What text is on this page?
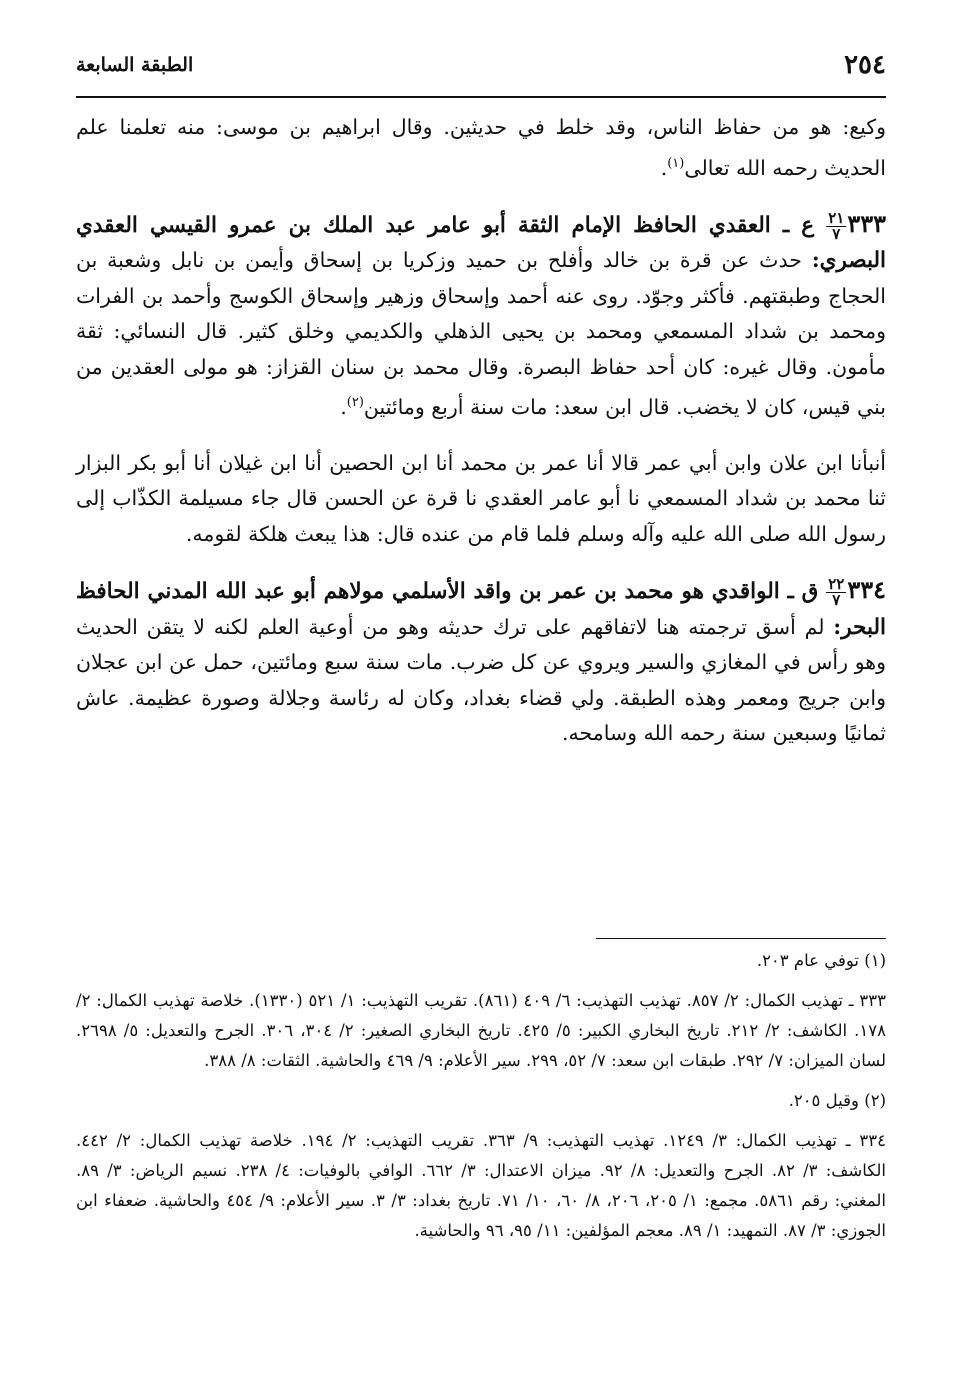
٢٥٤
الطبقة السابعة

وكيع: هو من حفاظ الناس، وقد خلط في حديثين. وقال ابراهيم بن موسى: منه تعلمنا علم الحديث رحمه الله تعالى$^{(١)}$.

٣٣٣
$\frac{٢١}{٧}$
ع ـ العقدي الحافظ الإمام الثقة أبو عامر عبد الملك بن عمرو القيسي العقدي البصري: حدث عن قرة بن خالد وأفلح بن حميد وزكريا بن إسحاق وأيمن بن نابل وشعبة بن الحجاج وطبقتهم. فأكثر وجوّد. روى عنه أحمد وإسحاق وزهير وإسحاق الكوسج وأحمد بن الفرات ومحمد بن شداد المسمعي ومحمد بن يحيى الذهلي والكديمي وخلق كثير. قال النسائي: ثقة مأمون. وقال غيره: كان أحد حفاظ البصرة. وقال محمد بن سنان القزاز: هو مولى العقدين من بني قيس، كان لا يخضب. قال ابن سعد: مات سنة أربع ومائتين$^{(٢)}$.

أنبأنا ابن علان وابن أبي عمر قالا أنا عمر بن محمد أنا ابن الحصين أنا ابن غيلان أنا أبو بكر البزار ثنا محمد بن شداد المسمعي نا أبو عامر العقدي نا قرة عن الحسن قال جاء مسيلمة الكذّاب إلى رسول الله صلى الله عليه وآله وسلم فلما قام من عنده قال: هذا يبعث هلكة لقومه.

٣٣٤
$\frac{٢٢}{٧}$
ق ـ الواقدي هو محمد بن عمر بن واقد الأسلمي مولاهم أبو عبد الله المدني الحافظ البحر: لم أسق ترجمته هنا لاتفاقهم على ترك حديثه وهو من أوعية العلم لكنه لا يتقن الحديث وهو رأس في المغازي والسير ويروي عن كل ضرب. مات سنة سبع ومائتين، حمل عن ابن عجلان وابن جريج ومعمر وهذه الطبقة. ولي قضاء بغداد، وكان له رئاسة وجلالة وصورة عظيمة. عاش ثمانيًا وسبعين سنة رحمه الله وسامحه.

(١) توفي عام ٢٠٣.

٣٣٣ ـ تهذيب الكمال: ٢/ ٨٥٧. تهذيب التهذيب: ٦/ ٤٠٩ (٨٦١). تقريب التهذيب: ١/ ٥٢١ (١٣٣٠). خلاصة تهذيب الكمال: ٢/ ١٧٨. الكاشف: ٢/ ٢١٢. تاريخ البخاري الكبير: ٥/ ٤٢٥. تاريخ البخاري الصغير: ٢/ ٣٠٤، ٣٠٦. الجرح والتعديل: ٥/ ٢٦٩٨. لسان الميزان: ٧/ ٢٩٢. طبقات ابن سعد: ٧/ ٥٢، ٢٩٩. سير الأعلام: ٩/ ٤٦٩ والحاشية. الثقات: ٨/ ٣٨٨.

(٢) وقيل ٢٠٥.

٣٣٤ ـ تهذيب الكمال: ٣/ ١٢٤٩. تهذيب التهذيب: ٩/ ٣٦٣. تقريب التهذيب: ٢/ ١٩٤. خلاصة تهذيب الكمال: ٢/ ٤٤٢. الكاشف: ٣/ ٨٢. الجرح والتعديل: ٨/ ٩٢. ميزان الاعتدال: ٣/ ٦٦٢. الوافي بالوفيات: ٤/ ٢٣٨. نسيم الرياض: ٣/ ٨٩. المغني: رقم ٥٨٦١. مجمع: ١/ ٢٠٥، ٢٠٦، ٨/ ٦٠، ١٠/ ٧١. تاريخ بغداد: ٣/ ٣. سير الأعلام: ٩/ ٤٥٤ والحاشية. ضعفاء ابن الجوزي: ٣/ ٨٧. التمهيد: ١/ ٨٩. معجم المؤلفين: ١١/ ٩٥، ٩٦ والحاشية.
